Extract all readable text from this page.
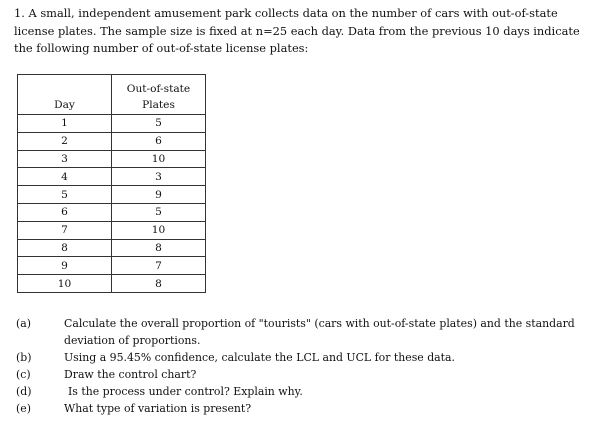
1. A small, independent amusement park collects data on the number of cars with out-of-state license plates. The sample size is fixed at n=25 each day. Data from the previous 10 days indicate the following number of out-of-state license plates:

Day	Out-of-state
Plates

1	5
2	6
3	10
4	3
5	9
6	5
7	10
8	8
9	7
10	8
(a)	Calculate the overall proportion of "tourists" (cars with out-of-state plates) and the standard deviation of proportions.
(b)	Using a 95.45% confidence, calculate the LCL and UCL for these data.
(c)	Draw the control chart?
(d)	Is the process under control? Explain why.
(e)	What type of variation is present?
